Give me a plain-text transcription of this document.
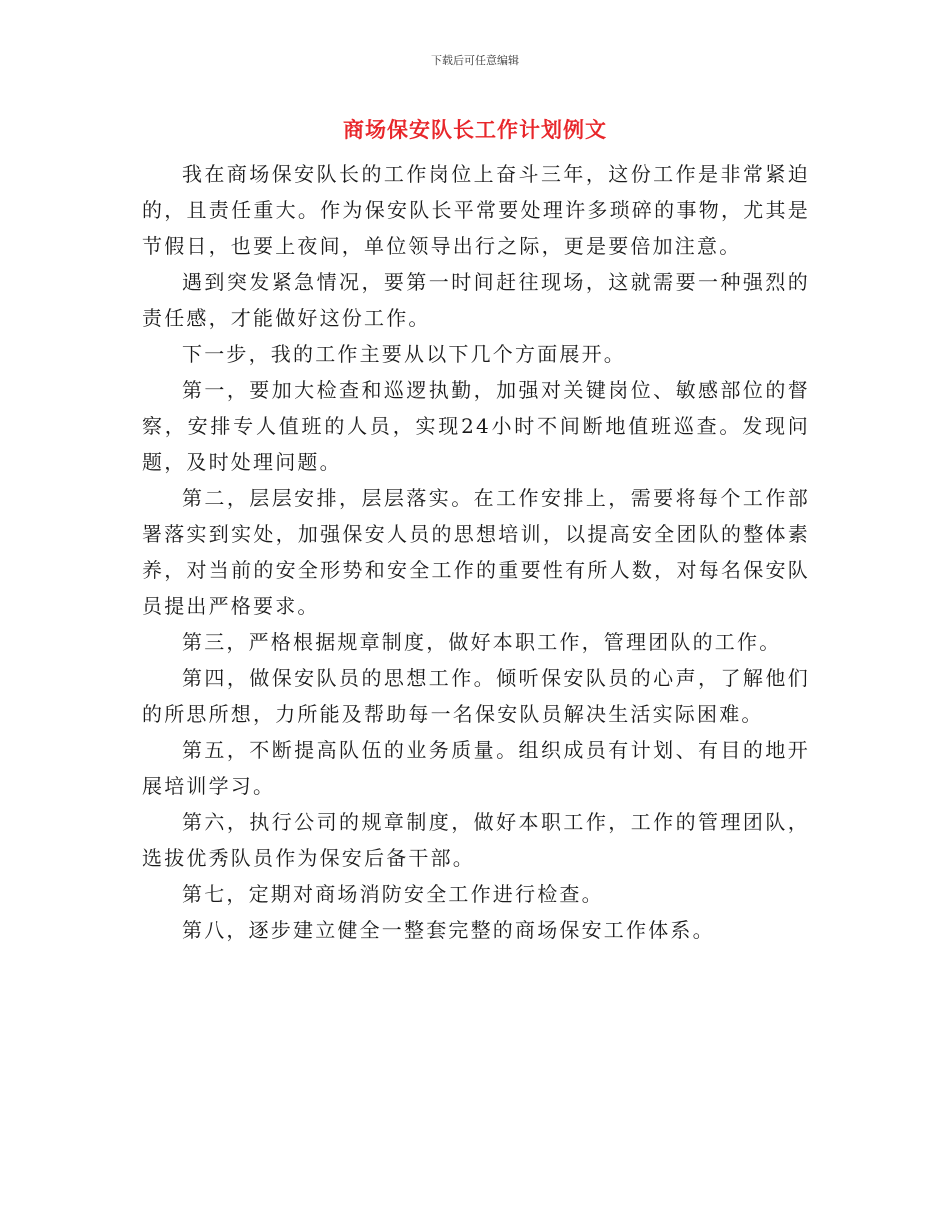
下载后可任意编辑
商场保安队长工作计划例文

我在商场保安队长的工作岗位上奋斗三年，这份工作是非常紧迫的，且责任重大。作为保安队长平常要处理许多琐碎的事物，尤其是节假日，也要上夜间，单位领导出行之际，更是要倍加注意。

遇到突发紧急情况，要第一时间赶往现场，这就需要一种强烈的责任感，才能做好这份工作。

下一步，我的工作主要从以下几个方面展开。

第一，要加大检查和巡逻执勤，加强对关键岗位、敏感部位的督察，安排专人值班的人员，实现24小时不间断地值班巡查。发现问题，及时处理问题。

第二，层层安排，层层落实。在工作安排上，需要将每个工作部署落实到实处，加强保安人员的思想培训，以提高安全团队的整体素养，对当前的安全形势和安全工作的重要性有所人数，对每名保安队员提出严格要求。

第三，严格根据规章制度，做好本职工作，管理团队的工作。

第四，做保安队员的思想工作。倾听保安队员的心声，了解他们的所思所想，力所能及帮助每一名保安队员解决生活实际困难。

第五，不断提高队伍的业务质量。组织成员有计划、有目的地开展培训学习。

第六，执行公司的规章制度，做好本职工作，工作的管理团队，选拔优秀队员作为保安后备干部。

第七，定期对商场消防安全工作进行检查。

第八，逐步建立健全一整套完整的商场保安工作体系。
